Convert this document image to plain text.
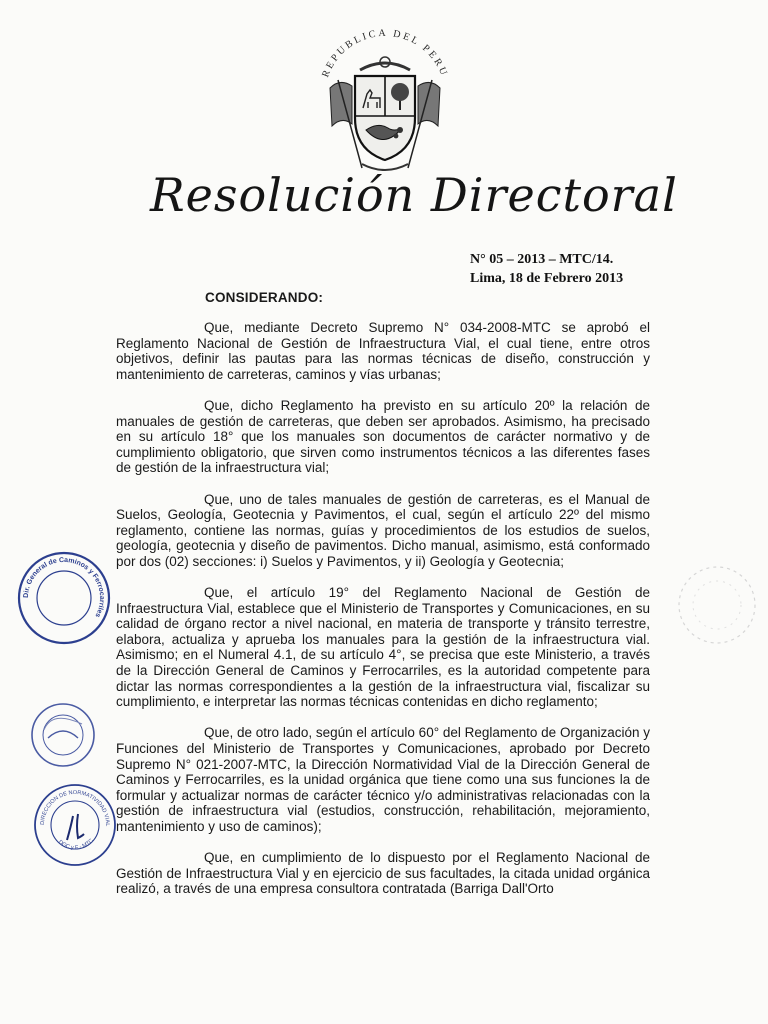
REPUBLICA DEL PERU
Resolución Directoral
N° 05 – 2013 – MTC/14.
Lima, 18 de Febrero 2013
CONSIDERANDO:

Que, mediante Decreto Supremo N° 034-2008-MTC se aprobó el Reglamento Nacional de Gestión de Infraestructura Vial, el cual tiene, entre otros objetivos, definir las pautas para las normas técnicas de diseño, construcción y mantenimiento de carreteras, caminos y vías urbanas;

Que, dicho Reglamento ha previsto en su artículo 20º la relación de manuales de gestión de carreteras, que deben ser aprobados. Asimismo, ha precisado en su artículo 18° que los manuales son documentos de carácter normativo y de cumplimiento obligatorio, que sirven como instrumentos técnicos a las diferentes fases de gestión de la infraestructura vial;

Que, uno de tales manuales de gestión de carreteras, es el Manual de Suelos, Geología, Geotecnia y Pavimentos, el cual, según el artículo 22º del mismo reglamento, contiene las normas, guías y procedimientos de los estudios de suelos, geología, geotecnia y diseño de pavimentos. Dicho manual, asimismo, está conformado por dos (02) secciones: i) Suelos y Pavimentos, y ii) Geología y Geotecnia;

Que, el artículo 19° del Reglamento Nacional de Gestión de Infraestructura Vial, establece que el Ministerio de Transportes y Comunicaciones, en su calidad de órgano rector a nivel nacional, en materia de transporte y tránsito terrestre, elabora, actualiza y aprueba los manuales para la gestión de la infraestructura vial. Asimismo; en el Numeral 4.1, de su artículo 4°, se precisa que este Ministerio, a través de la Dirección General de Caminos y Ferrocarriles, es la autoridad competente para dictar las normas correspondientes a la gestión de la infraestructura vial, fiscalizar su cumplimiento, e interpretar las normas técnicas contenidas en dicho reglamento;

Que, de otro lado, según el artículo 60° del Reglamento de Organización y Funciones del Ministerio de Transportes y Comunicaciones, aprobado por Decreto Supremo N° 021-2007-MTC, la Dirección Normatividad Vial de la Dirección General de Caminos y Ferrocarriles, es la unidad orgánica que tiene como una sus funciones la de formular y actualizar normas de carácter técnico y/o administrativas relacionadas con la gestión de infraestructura vial (estudios, construcción, rehabilitación, mejoramiento, mantenimiento y uso de caminos);

Que, en cumplimiento de lo dispuesto por el Reglamento Nacional de Gestión de Infraestructura Vial y en ejercicio de sus facultades, la citada unidad orgánica realizó, a través de una empresa consultora contratada (Barriga Dall'Orto

Dir. General de Caminos y Ferrocarriles
DIRECCION DE NORMATIVIDAD VIAL
DGC y F - MTC
